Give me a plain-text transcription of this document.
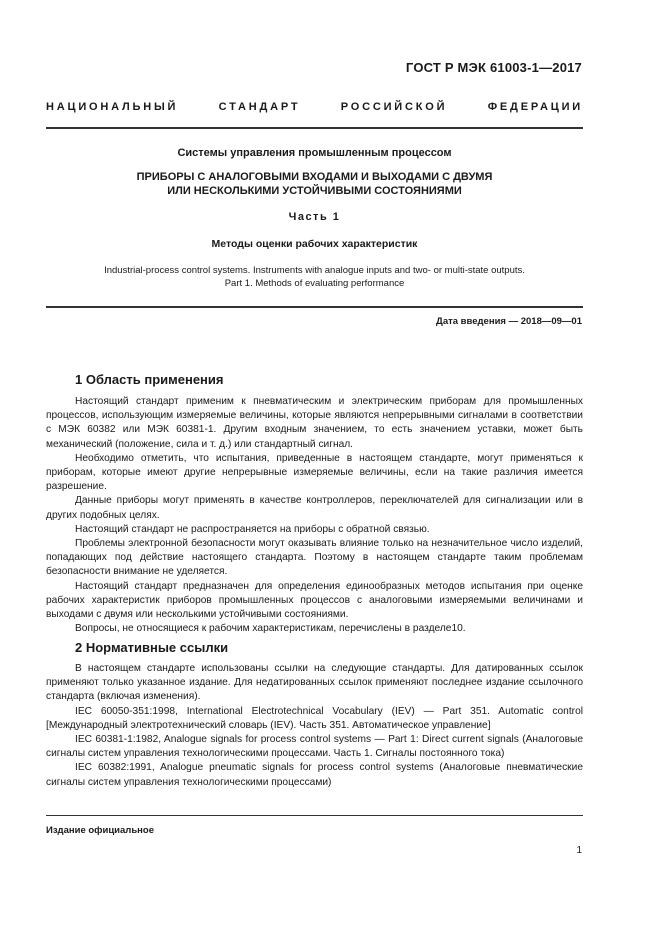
ГОСТ Р МЭК 61003-1—2017
НАЦИОНАЛЬНЫЙ СТАНДАРТ РОССИЙСКОЙ ФЕДЕРАЦИИ
Системы управления промышленным процессом
ПРИБОРЫ С АНАЛОГОВЫМИ ВХОДАМИ И ВЫХОДАМИ С ДВУМЯ
ИЛИ НЕСКОЛЬКИМИ УСТОЙЧИВЫМИ СОСТОЯНИЯМИ
Часть 1
Методы оценки рабочих характеристик
Industrial-process control systems. Instruments with analogue inputs and two- or multi-state outputs.
Part 1. Methods of evaluating performance
Дата введения — 2018—09—01
1 Область применения

Настоящий стандарт применим к пневматическим и электрическим приборам для промышленных процессов, использующим измеряемые величины, которые являются непрерывными сигналами в соответствии с МЭК 60382 или МЭК 60381-1. Другим входным значением, то есть значением уставки, может быть механический (положение, сила и т. д.) или стандартный сигнал.

Необходимо отметить, что испытания, приведенные в настоящем стандарте, могут применяться к приборам, которые имеют другие непрерывные измеряемые величины, если на такие различия имеется разрешение.

Данные приборы могут применять в качестве контроллеров, переключателей для сигнализации или в других подобных целях.

Настоящий стандарт не распространяется на приборы с обратной связью.

Проблемы электронной безопасности могут оказывать влияние только на незначительное число изделий, попадающих под действие настоящего стандарта. Поэтому в настоящем стандарте таким проблемам безопасности внимание не уделяется.

Настоящий стандарт предназначен для определения единообразных методов испытания при оценке рабочих характеристик приборов промышленных процессов с аналоговыми измеряемыми величинами и выходами с двумя или несколькими устойчивыми состояниями.

Вопросы, не относящиеся к рабочим характеристикам, перечислены в разделе10.

2 Нормативные ссылки

В настоящем стандарте использованы ссылки на следующие стандарты. Для датированных ссылок применяют только указанное издание. Для недатированных ссылок применяют последнее издание ссылочного стандарта (включая изменения).

IEC 60050-351:1998, International Electrotechnical Vocabulary (IEV) — Part 351. Automatic control [Международный электротехнический словарь (IEV). Часть 351. Автоматическое управление]

IEC 60381-1:1982, Analogue signals for process control systems — Part 1: Direct current signals (Аналоговые сигналы систем управления технологическими процессами. Часть 1. Сигналы постоянного тока)

IEC 60382:1991, Analogue pneumatic signals for process control systems (Аналоговые пневматические сигналы систем управления технологическими процессами)

Издание официальное
1
